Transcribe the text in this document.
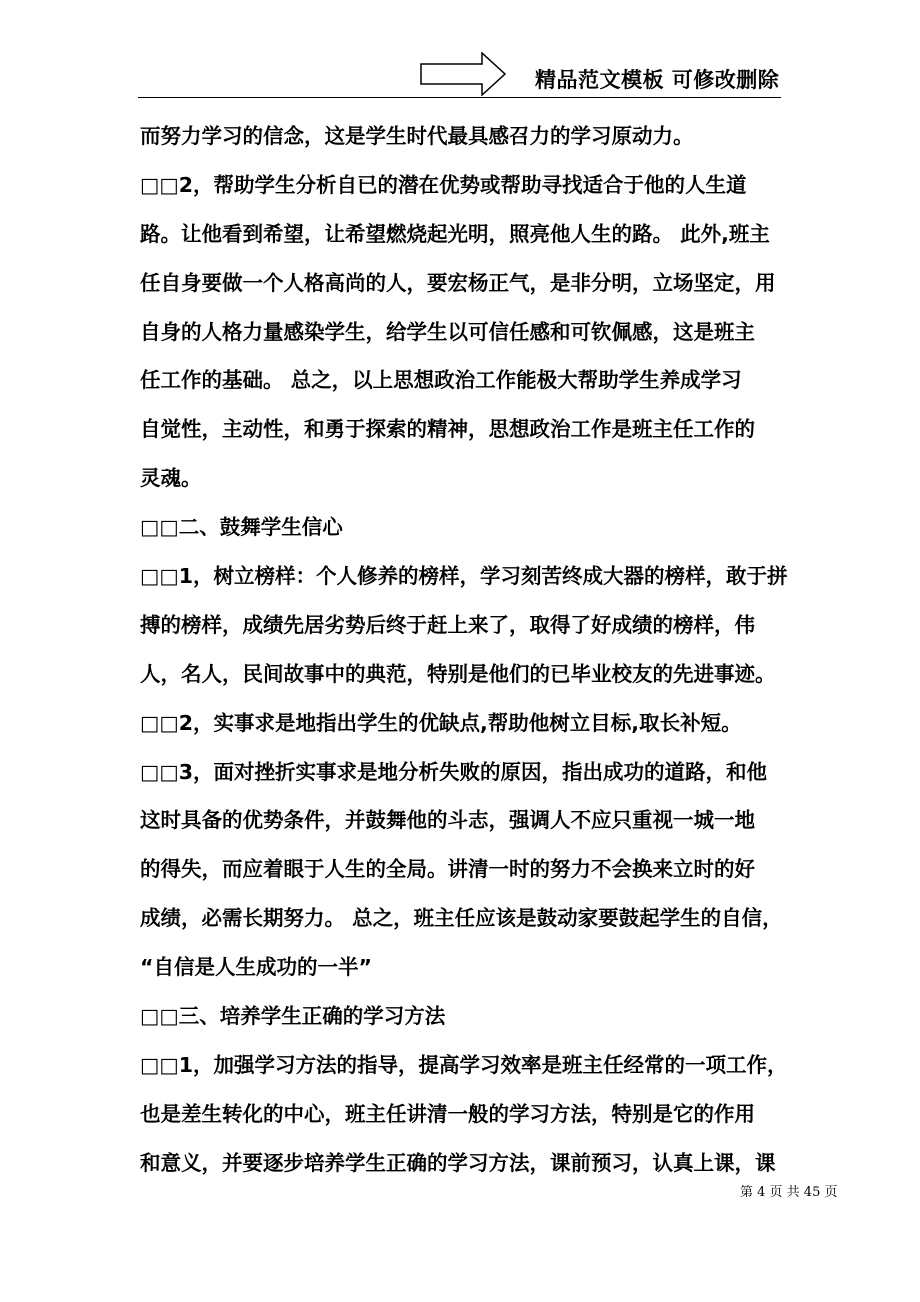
精品范文模板 可修改删除
而努力学习的信念，这是学生时代最具感召力的学习原动力。
□□2，帮助学生分析自已的潜在优势或帮助寻找适合于他的人生道
路。让他看到希望，让希望燃烧起光明，照亮他人生的路。 此外,班主
任自身要做一个人格高尚的人，要宏杨正气，是非分明，立场坚定，用
自身的人格力量感染学生，给学生以可信任感和可钦佩感，这是班主
任工作的基础。 总之，以上思想政治工作能极大帮助学生养成学习
自觉性，主动性，和勇于探索的精神，思想政治工作是班主任工作的
灵魂。
□□二、鼓舞学生信心
□□1，树立榜样：个人修养的榜样，学习刻苦终成大器的榜样，敢于拼
搏的榜样，成绩先居劣势后终于赶上来了，取得了好成绩的榜样，伟
人，名人，民间故事中的典范，特别是他们的已毕业校友的先进事迹。
□□2，实事求是地指出学生的优缺点,帮助他树立目标,取长补短。
□□3，面对挫折实事求是地分析失败的原因，指出成功的道路，和他
这时具备的优势条件，并鼓舞他的斗志，强调人不应只重视一城一地
的得失，而应着眼于人生的全局。讲清一时的努力不会换来立时的好
成绩，必需长期努力。 总之，班主任应该是鼓动家要鼓起学生的自信，
“自信是人生成功的一半”
□□三、培养学生正确的学习方法
□□1，加强学习方法的指导，提高学习效率是班主任经常的一项工作，
也是差生转化的中心，班主任讲清一般的学习方法，特别是它的作用
和意义，并要逐步培养学生正确的学习方法，课前预习，认真上课，课
第 4 页 共 45 页
